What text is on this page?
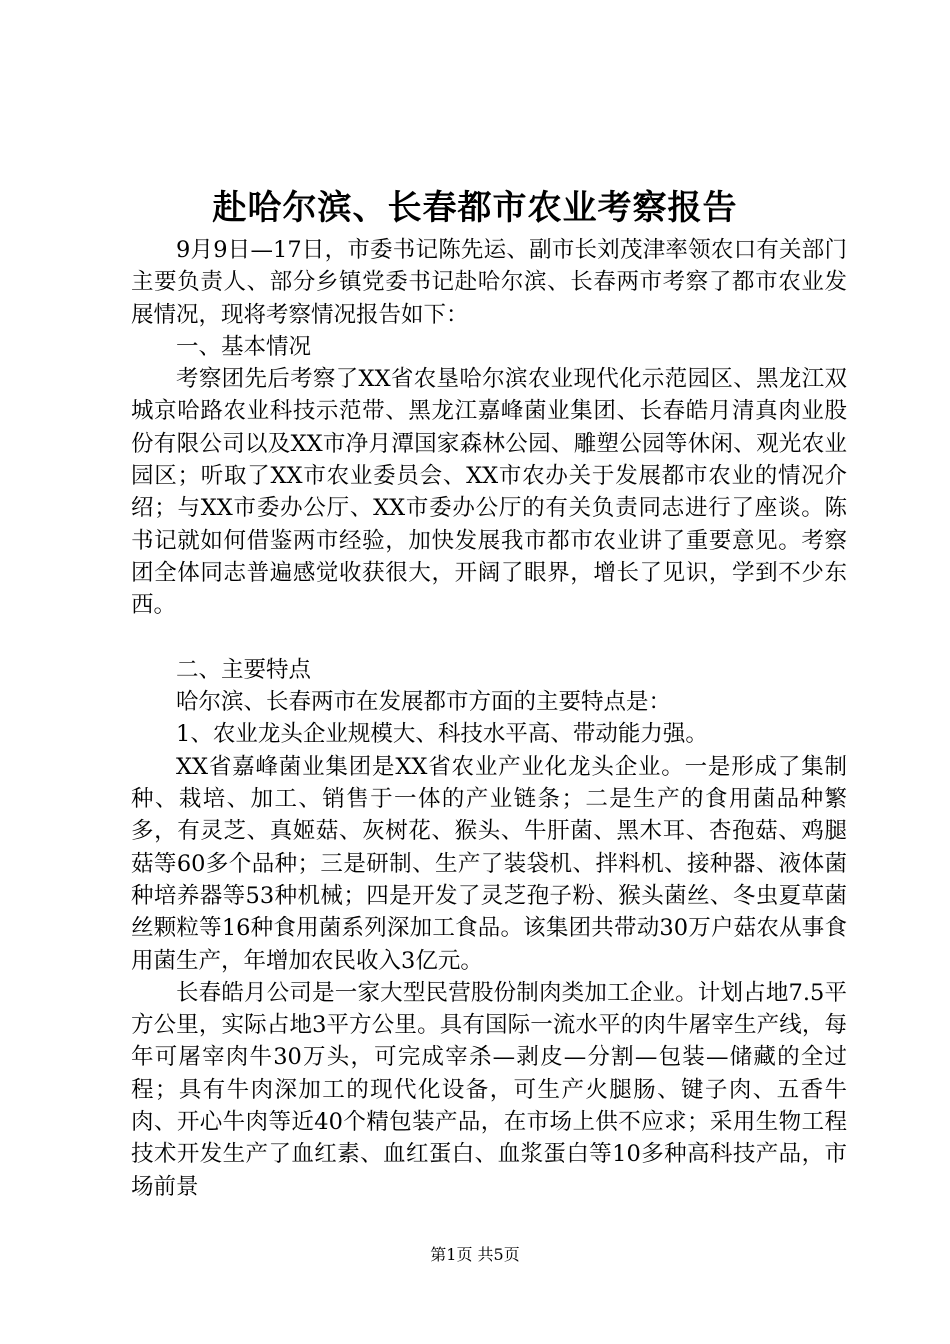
赴哈尔滨、长春都市农业考察报告

9月9日—17日，市委书记陈先运、副市长刘茂津率领农口有关部门主要负责人、部分乡镇党委书记赴哈尔滨、长春两市考察了都市农业发展情况，现将考察情况报告如下：

一、基本情况

考察团先后考察了XX省农垦哈尔滨农业现代化示范园区、黑龙江双城京哈路农业科技示范带、黑龙江嘉峰菌业集团、长春皓月清真肉业股份有限公司以及XX市净月潭国家森林公园、雕塑公园等休闲、观光农业园区；听取了XX市农业委员会、XX市农办关于发展都市农业的情况介绍；与XX市委办公厅、XX市委办公厅的有关负责同志进行了座谈。陈书记就如何借鉴两市经验，加快发展我市都市农业讲了重要意见。考察团全体同志普遍感觉收获很大，开阔了眼界，增长了见识，学到不少东西。

二、主要特点

哈尔滨、长春两市在发展都市方面的主要特点是：

1、农业龙头企业规模大、科技水平高、带动能力强。

XX省嘉峰菌业集团是XX省农业产业化龙头企业。一是形成了集制种、栽培、加工、销售于一体的产业链条；二是生产的食用菌品种繁多，有灵芝、真姬菇、灰树花、猴头、牛肝菌、黑木耳、杏孢菇、鸡腿菇等60多个品种；三是研制、生产了装袋机、拌料机、接种器、液体菌种培养器等53种机械；四是开发了灵芝孢子粉、猴头菌丝、冬虫夏草菌丝颗粒等16种食用菌系列深加工食品。该集团共带动30万户菇农从事食用菌生产，年增加农民收入3亿元。

长春皓月公司是一家大型民营股份制肉类加工企业。计划占地7.5平方公里，实际占地3平方公里。具有国际一流水平的肉牛屠宰生产线，每年可屠宰肉牛30万头，可完成宰杀—剥皮—分割—包装—储藏的全过程；具有牛肉深加工的现代化设备，可生产火腿肠、键子肉、五香牛肉、开心牛肉等近40个精包装产品，在市场上供不应求；采用生物工程技术开发生产了血红素、血红蛋白、血浆蛋白等10多种高科技产品，市场前景

第1页 共5页
